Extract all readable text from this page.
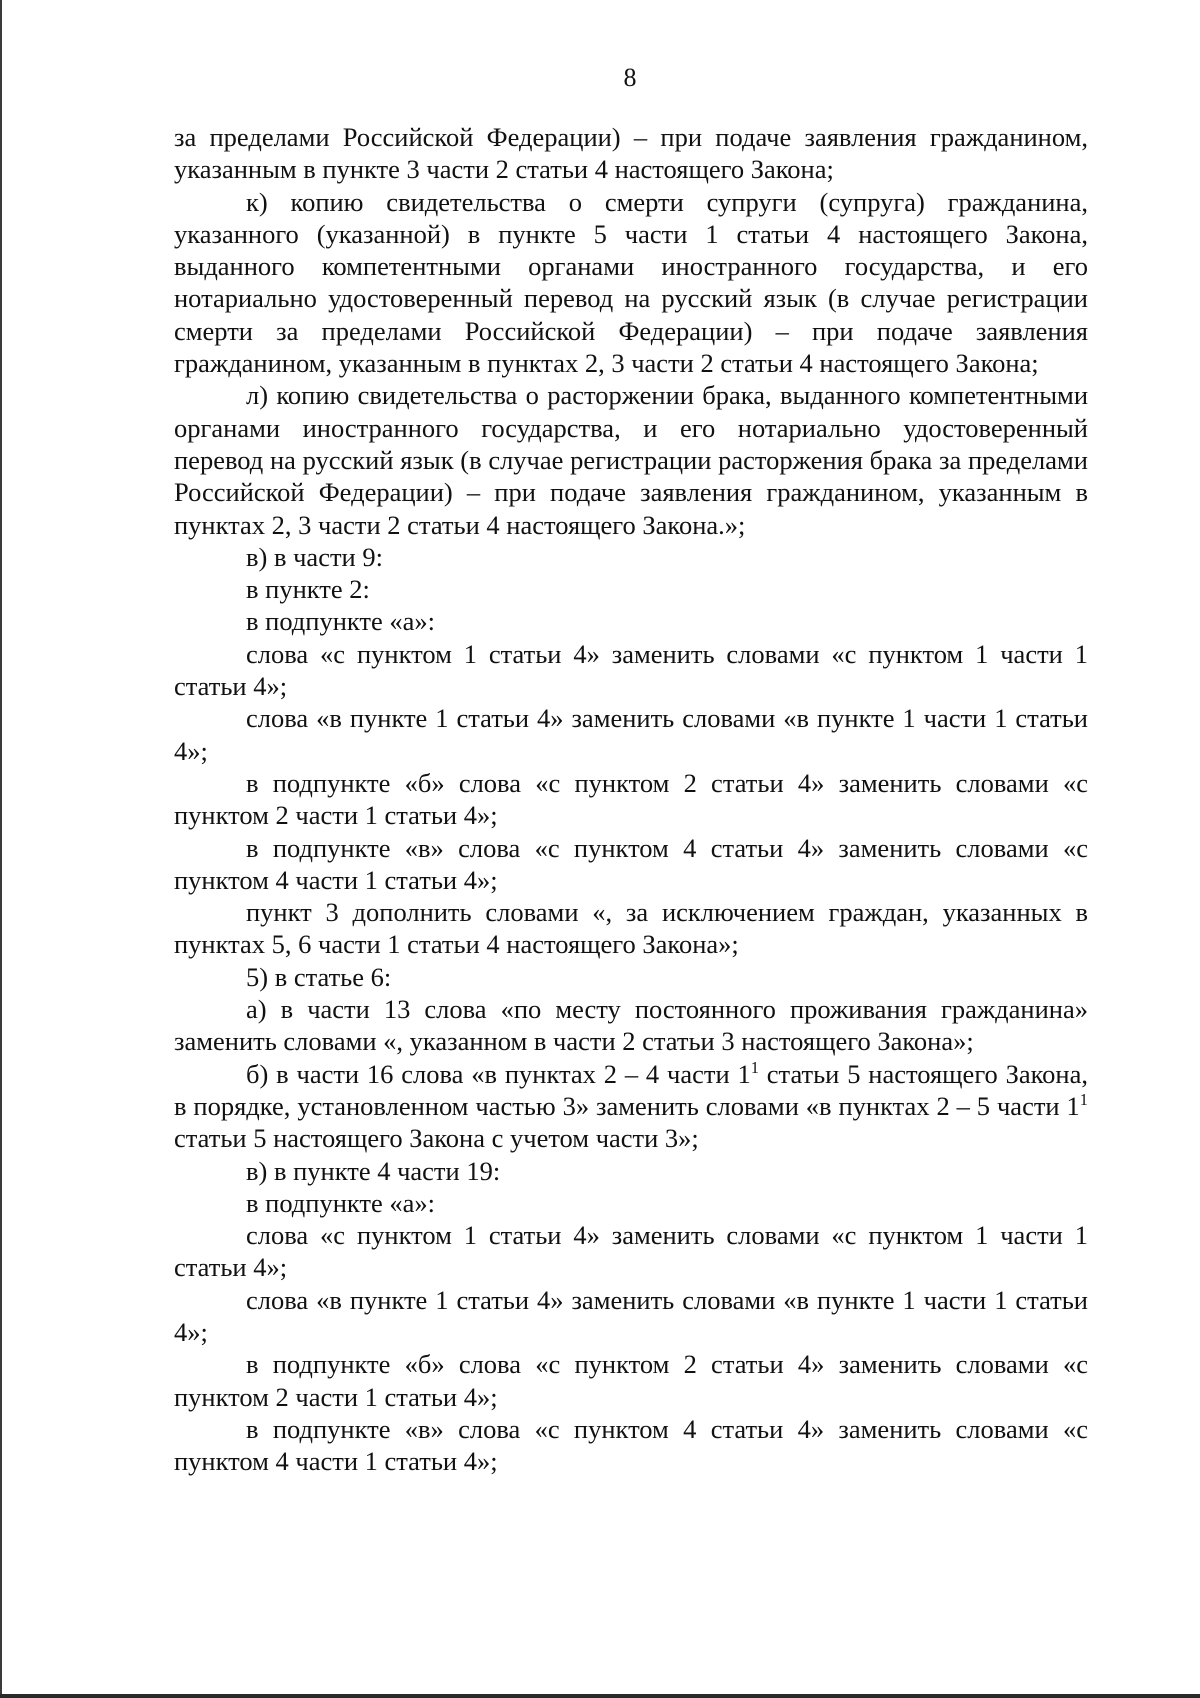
8

за пределами Российской Федерации) – при подаче заявления гражданином, указанным в пункте 3 части 2 статьи 4 настоящего Закона;

к) копию свидетельства о смерти супруги (супруга) гражданина, указанного (указанной) в пункте 5 части 1 статьи 4 настоящего Закона, выданного компетентными органами иностранного государства, и его нотариально удостоверенный перевод на русский язык (в случае регистрации смерти за пределами Российской Федерации) – при подаче заявления гражданином, указанным в пунктах 2, 3 части 2 статьи 4 настоящего Закона;

л) копию свидетельства о расторжении брака, выданного компетентными органами иностранного государства, и его нотариально удостоверенный перевод на русский язык (в случае регистрации расторжения брака за пределами Российской Федерации) – при подаче заявления гражданином, указанным в пунктах 2, 3 части 2 статьи 4 настоящего Закона.»;

в) в части 9:

в пункте 2:

в подпункте «а»:

слова «с пунктом 1 статьи 4» заменить словами «с пунктом 1 части 1 статьи 4»;

слова «в пункте 1 статьи 4» заменить словами «в пункте 1 части 1 статьи 4»;

в подпункте «б» слова «с пунктом 2 статьи 4» заменить словами «с пунктом 2 части 1 статьи 4»;

в подпункте «в» слова «с пунктом 4 статьи 4» заменить словами «с пунктом 4 части 1 статьи 4»;

пункт 3 дополнить словами «, за исключением граждан, указанных в пунктах 5, 6 части 1 статьи 4 настоящего Закона»;

5) в статье 6:

а) в части 13 слова «по месту постоянного проживания гражданина» заменить словами «, указанном в части 2 статьи 3 настоящего Закона»;

б) в части 16 слова «в пунктах 2 – 4 части $1^1$ статьи 5 настоящего Закона, в порядке, установленном частью 3» заменить словами «в пунктах 2 – 5 части $1^1$ статьи 5 настоящего Закона с учетом части 3»;

в) в пункте 4 части 19:

в подпункте «а»:

слова «с пунктом 1 статьи 4» заменить словами «с пунктом 1 части 1 статьи 4»;

слова «в пункте 1 статьи 4» заменить словами «в пункте 1 части 1 статьи 4»;

в подпункте «б» слова «с пунктом 2 статьи 4» заменить словами «с пунктом 2 части 1 статьи 4»;

в подпункте «в» слова «с пунктом 4 статьи 4» заменить словами «с пунктом 4 части 1 статьи 4»;
